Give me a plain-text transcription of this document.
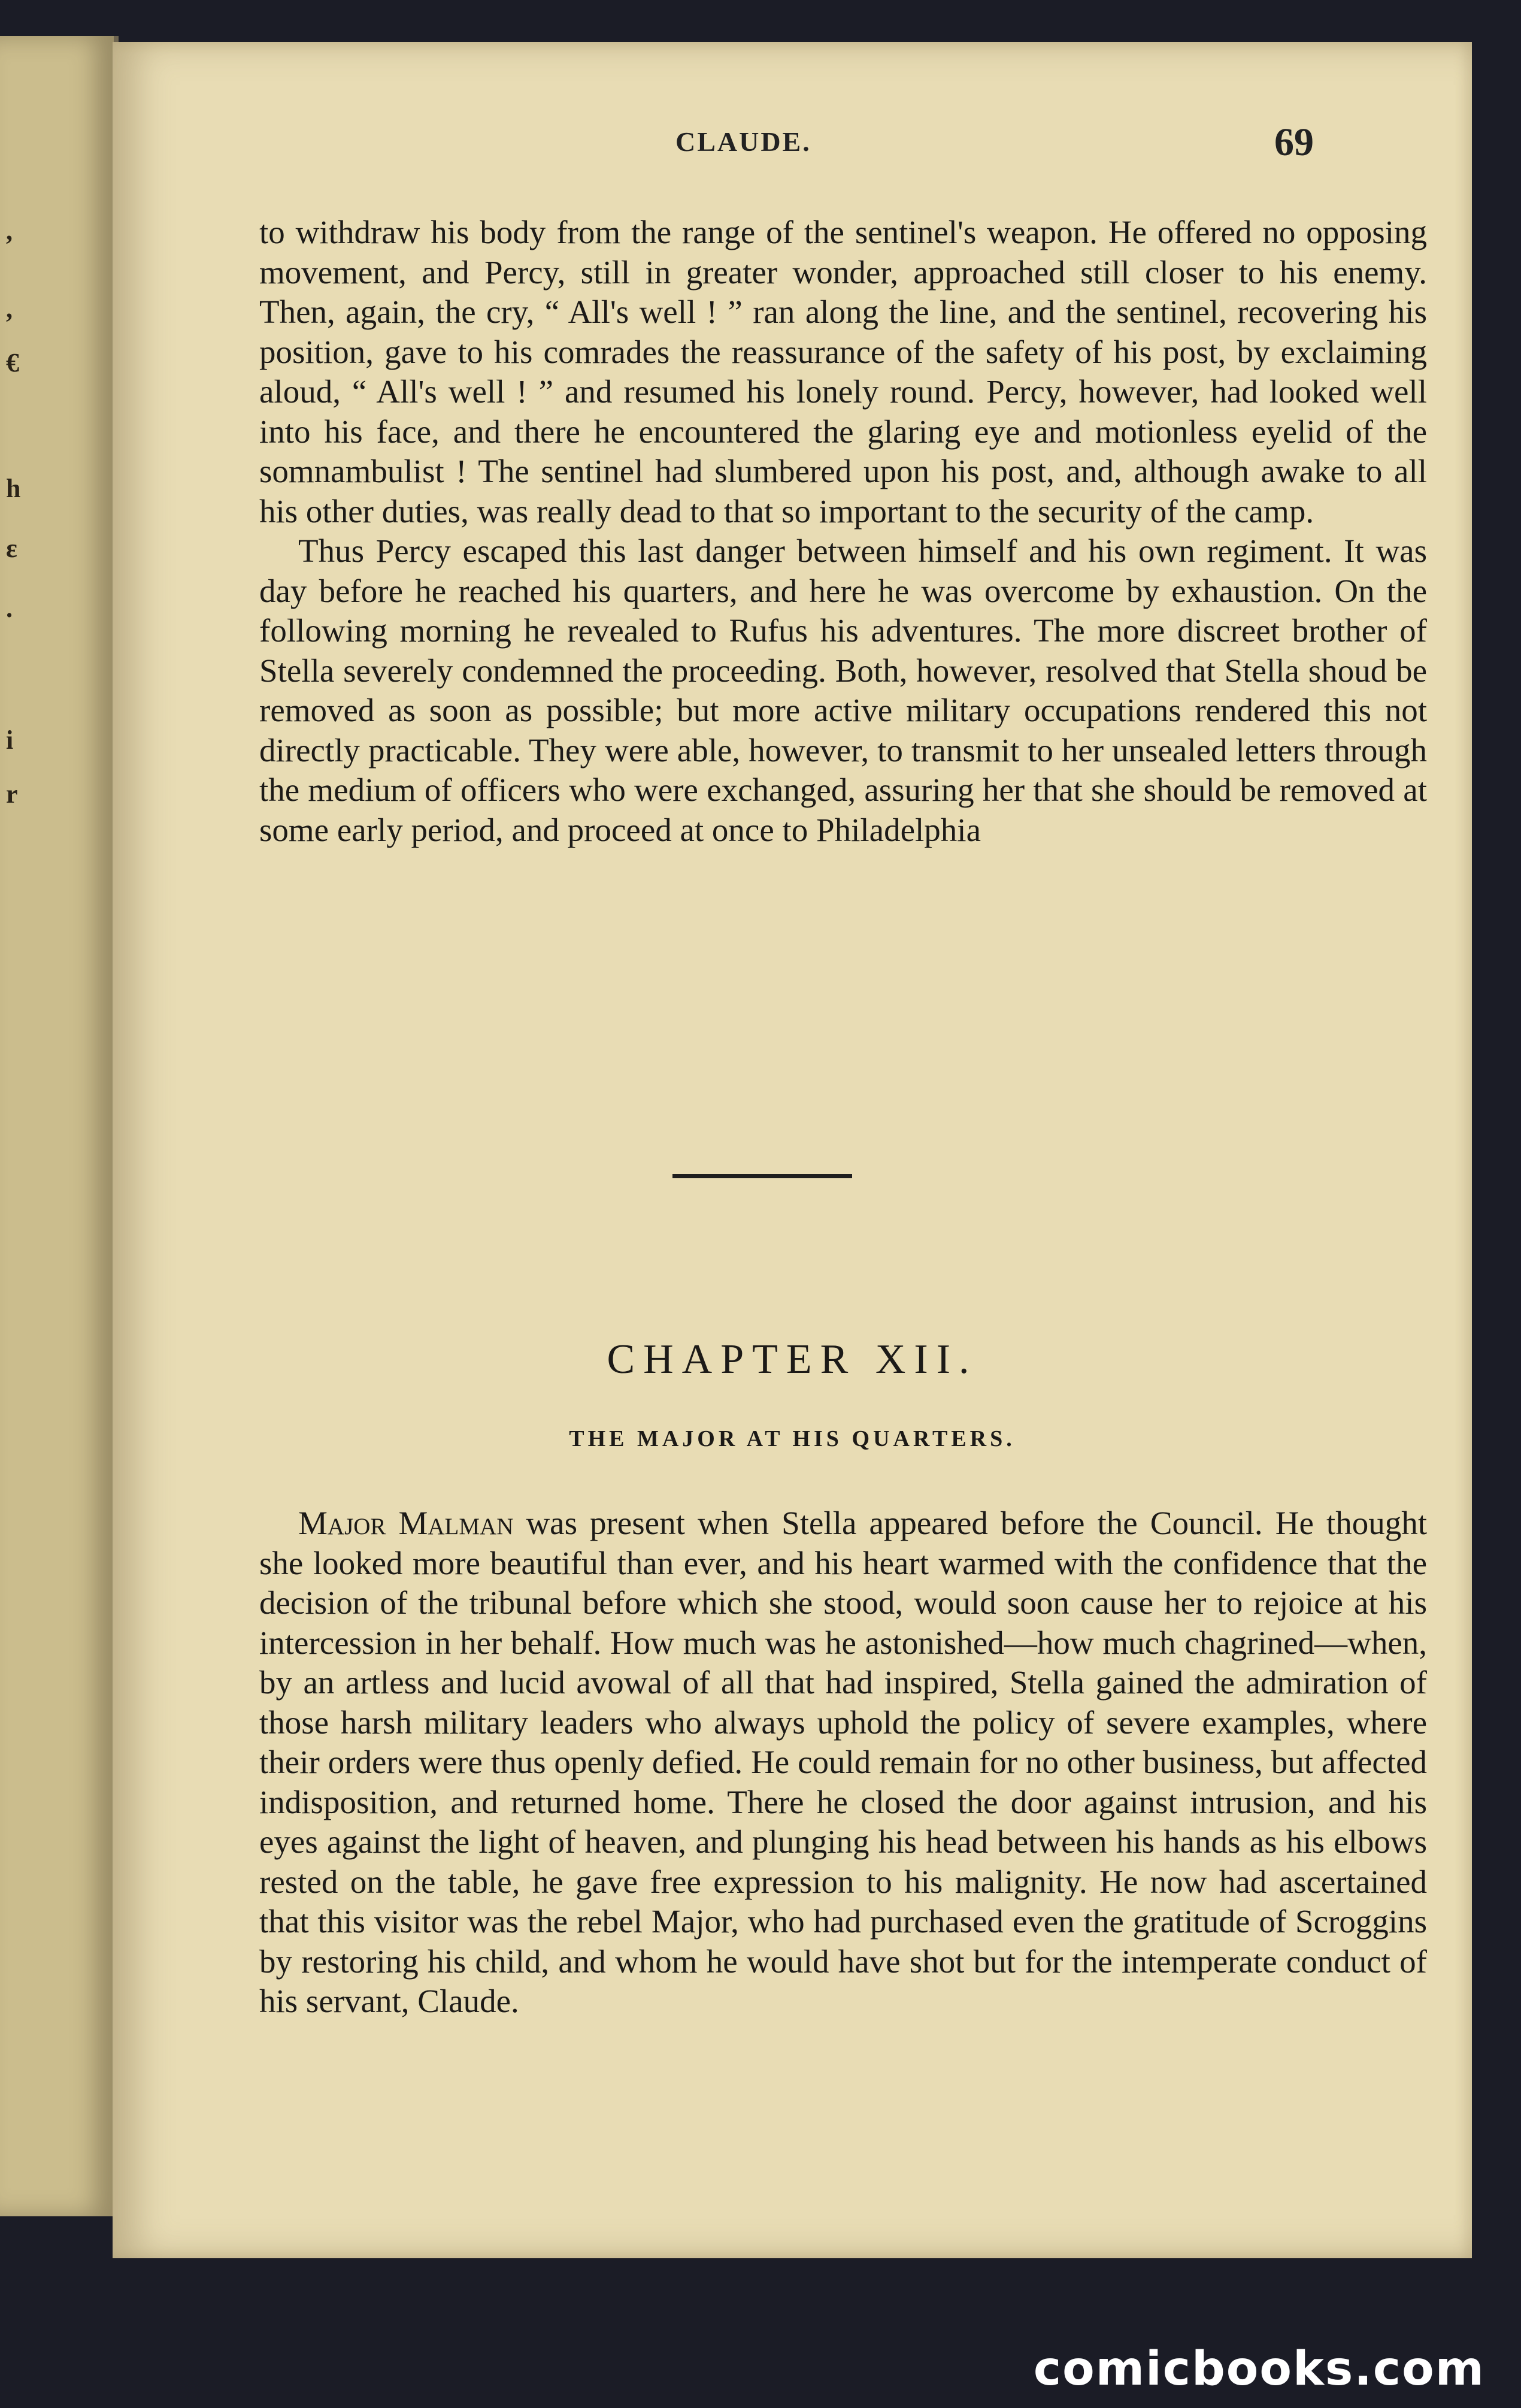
,
,
€
h
ε
.
i
r
CLAUDE.	69

to withdraw his body from the range of the sentinel's weapon. He offered no opposing movement, and Percy, still in greater wonder, approached still closer to his enemy. Then, again, the cry, “ All's well ! ” ran along the line, and the sentinel, recovering his position, gave to his comrades the reassurance of the safety of his post, by exclaiming aloud, “ All's well ! ” and resumed his lonely round. Percy, however, had looked well into his face, and there he encountered the glaring eye and motionless eyelid of the somnambulist ! The sentinel had slumbered upon his post, and, although awake to all his other duties, was really dead to that so important to the security of the camp.

Thus Percy escaped this last danger between himself and his own regiment. It was day before he reached his quarters, and here he was overcome by exhaustion. On the following morning he revealed to Rufus his adventures. The more discreet brother of Stella severely condemned the proceeding. Both, however, resolved that Stella shoud be removed as soon as possible; but more active military occupations rendered this not directly practicable. They were able, however, to transmit to her unsealed letters through the medium of officers who were exchanged, assuring her that she should be removed at some early period, and proceed at once to Philadelphia

CHAPTER XII.
THE MAJOR AT HIS QUARTERS.

Major Malman was present when Stella appeared before the Council. He thought she looked more beautiful than ever, and his heart warmed with the confidence that the decision of the tribunal before which she stood, would soon cause her to rejoice at his intercession in her behalf. How much was he astonished—how much chagrined—when, by an artless and lucid avowal of all that had inspired, Stella gained the admiration of those harsh military leaders who always uphold the policy of severe examples, where their orders were thus openly defied. He could remain for no other business, but affected indisposition, and returned home. There he closed the door against intrusion, and his eyes against the light of heaven, and plunging his head between his hands as his elbows rested on the table, he gave free expression to his malignity. He now had ascertained that this visitor was the rebel Major, who had purchased even the gratitude of Scroggins by restoring his child, and whom he would have shot but for the intemperate conduct of his servant, Claude.

comicbooks.com
